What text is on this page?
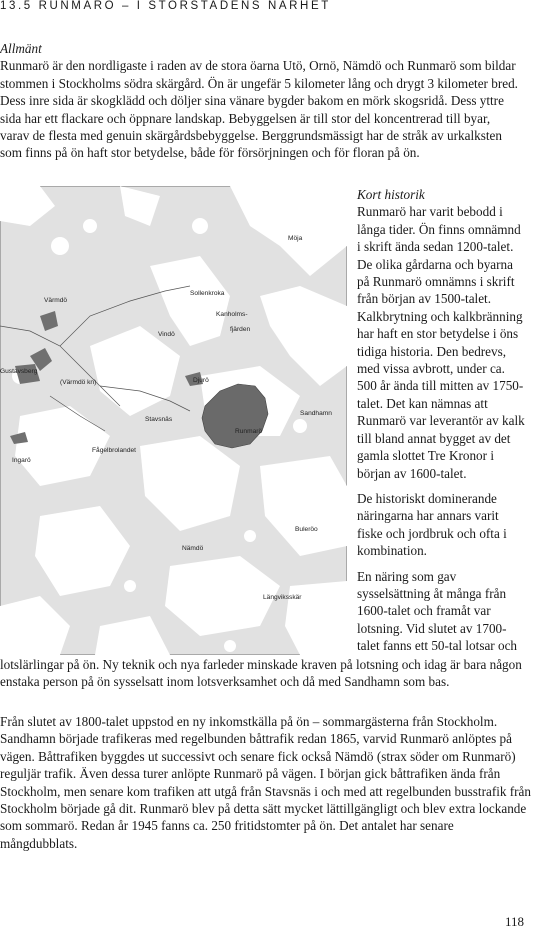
13.5 RUNMARÖ – I STORSTADENS NÄRHET
Allmänt
Runmarö är den nordligaste i raden av de stora öarna Utö, Ornö, Nämdö och Runmarö som bildar stommen i Stockholms södra skärgård. Ön är ungefär 5 kilometer lång och drygt 3 kilometer bred. Dess inre sida är skogklädd och döljer sina vänare bygder bakom en mörk skogsridå. Dess yttre sida har ett flackare och öppnare landskap. Bebyggelsen är till stor del koncentrerad till byar, varav de flesta med genuin skärgårdsbebyggelse. Berggrundsmässigt har de stråk av urkalksten som finns på ön haft stor betydelse, både för försörjningen och för floran på ön.
Möja
Värmdö
Sollenkroka
Kanholms-
fjärden
Vindö
Gustavsberg
(Värmdö kn)	Djurö
Sandhamn
Stavsnäs
Runmarö
Fågelbrolandet
Ingarö
Buleröo
Nämdö
Längviksskär

Kort historik

Runmarö har varit bebodd i långa tider. Ön finns omnämnd i skrift ända sedan 1200-talet. De olika gårdarna och byarna på Runmarö omnämns i skrift från början av 1500-talet. Kalkbrytning och kalkbränning har haft en stor betydelse i öns tidiga historia. Den bedrevs, med vissa avbrott, under ca. 500 år ända till mitten av 1750-talet. Det kan nämnas att Runmarö var leverantör av kalk till bland annat bygget av det gamla slottet Tre Kronor i början av 1600-talet.

De historiskt dominerande näringarna har annars varit fiske och jordbruk och ofta i kombination.

En näring som gav sysselsättning åt många från 1600-talet och framåt var lotsning. Vid slutet av 1700-talet fanns ett 50-tal lotsar och

lotslärlingar på ön. Ny teknik och nya farleder minskade kraven på lotsning och idag är bara någon enstaka person på ön sysselsatt inom lotsverksamhet och då med Sandhamn som bas.
Från slutet av 1800-talet uppstod en ny inkomstkälla på ön – sommargästerna från Stockholm. Sandhamn började trafikeras med regelbunden båttrafik redan 1865, varvid Runmarö anlöptes på vägen. Båttrafiken byggdes ut successivt och senare fick också Nämdö (strax söder om Runmarö) reguljär trafik. Även dessa turer anlöpte Runmarö på vägen. I början gick båttrafiken ända från Stockholm, men senare kom trafiken att utgå från Stavsnäs i och med att regelbunden busstrafik från Stockholm började gå dit. Runmarö blev på detta sätt mycket lättillgängligt och blev extra lockande som sommarö. Redan år 1945 fanns ca. 250 fritidstomter på ön. Det antalet har senare mångdubblats.
118
